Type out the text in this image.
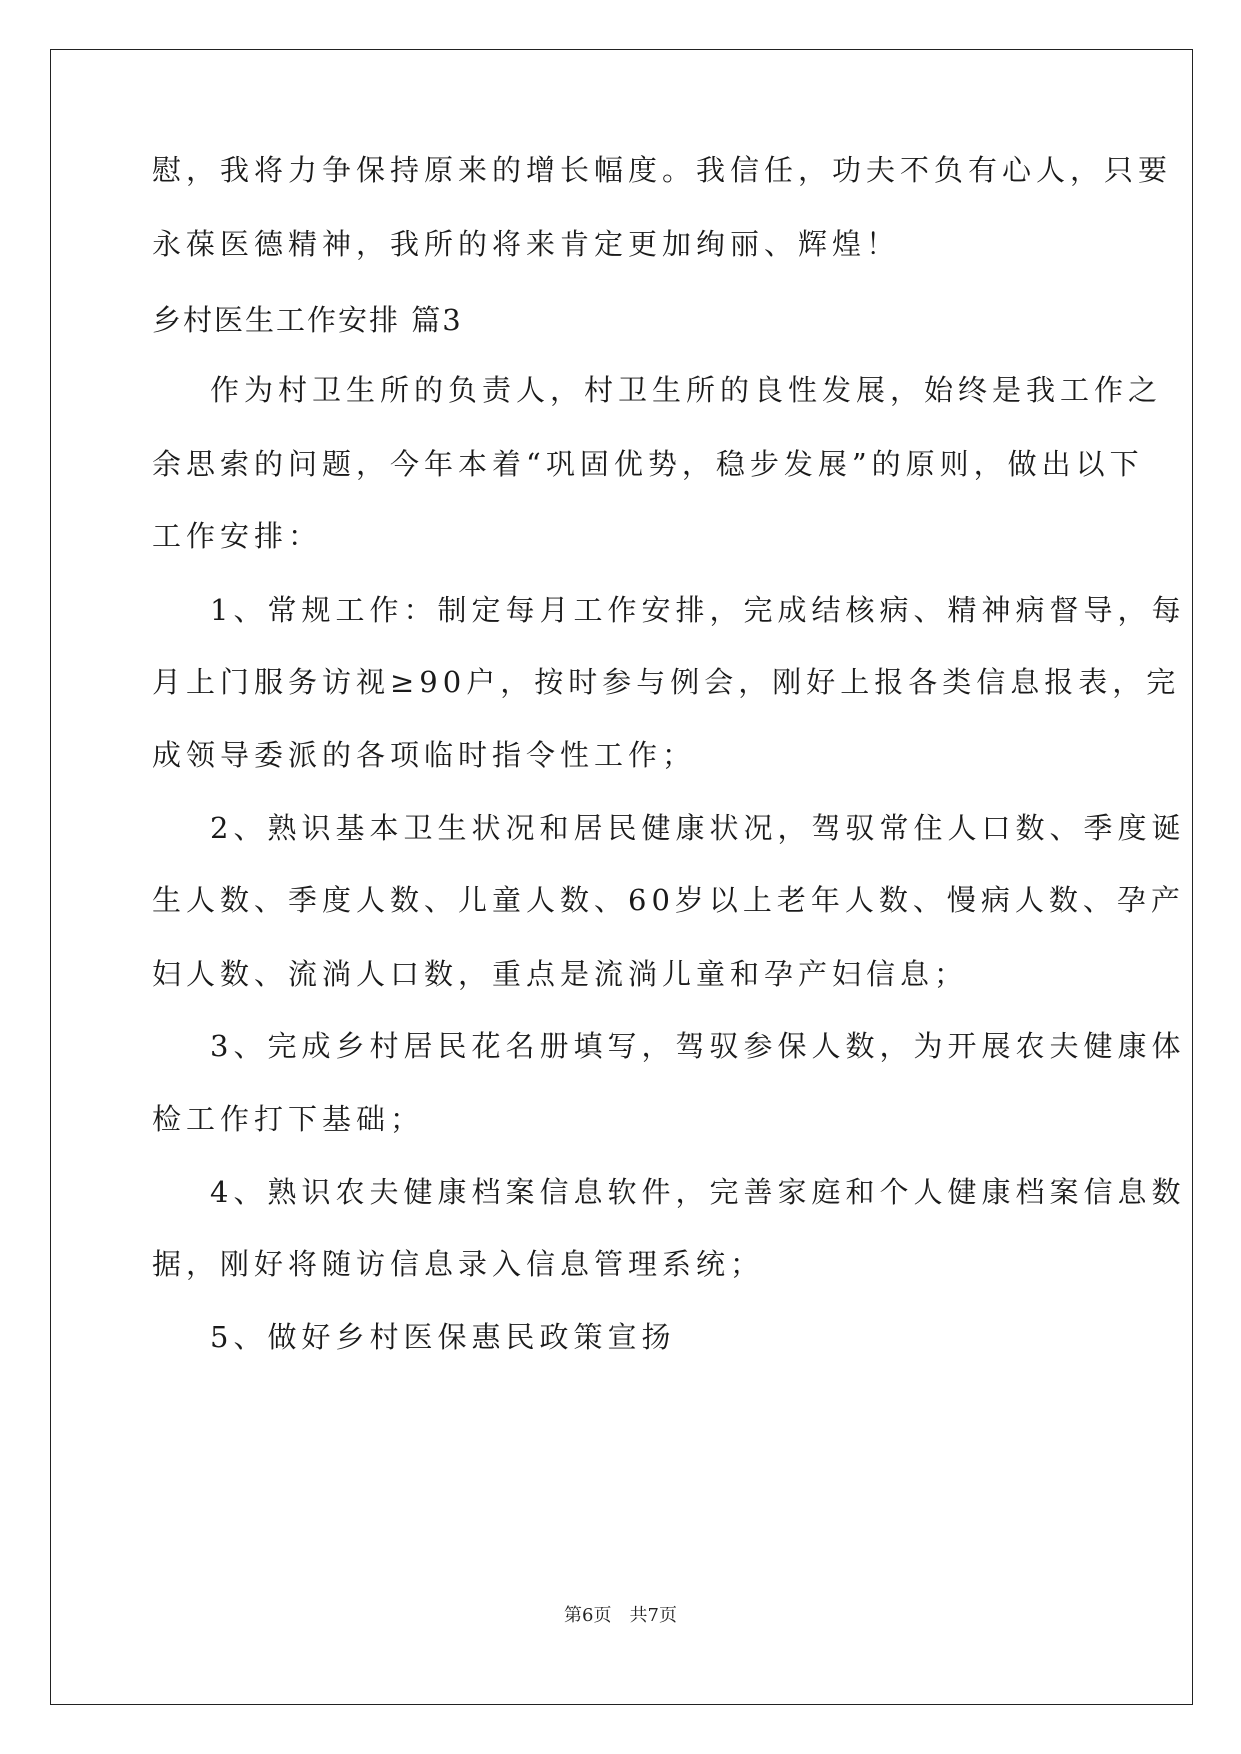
慰，我将力争保持原来的增长幅度。我信任，功夫不负有心人，只要
永葆医德精神，我所的将来肯定更加绚丽、辉煌！
乡村医生工作安排 篇3
作为村卫生所的负责人，村卫生所的良性发展，始终是我工作之
余思索的问题，今年本着“巩固优势，稳步发展”的原则，做出以下
工作安排：
1、常规工作：制定每月工作安排，完成结核病、精神病督导，每
月上门服务访视≥90户，按时参与例会，刚好上报各类信息报表，完
成领导委派的各项临时指令性工作；
2、熟识基本卫生状况和居民健康状况，驾驭常住人口数、季度诞
生人数、季度人数、儿童人数、60岁以上老年人数、慢病人数、孕产
妇人数、流淌人口数，重点是流淌儿童和孕产妇信息；
3、完成乡村居民花名册填写，驾驭参保人数，为开展农夫健康体
检工作打下基础；
4、熟识农夫健康档案信息软件，完善家庭和个人健康档案信息数
据，刚好将随访信息录入信息管理系统；
5、做好乡村医保惠民政策宣扬
第6页 共7页
